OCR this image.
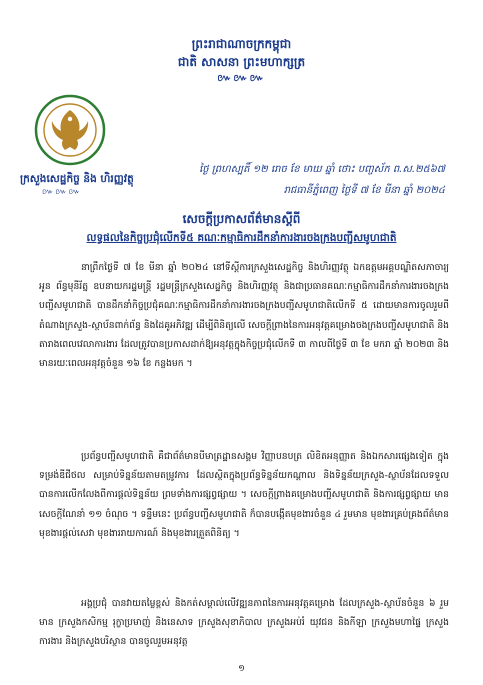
ព្រះរាជាណាចក្រកម្ពុជា
ជាតិ សាសនា ព្រះមហាក្សត្រ
៚៚៚
ក្រសួងសេដ្ឋកិច្ច និង ហិរញ្ញវត្ថុ
៚៚៚
ថ្ងៃ ព្រហស្បតិ៍ ១២ រោច ខែ មាឃ ឆ្នាំ ថោះ បញ្ចស័ក ព.ស.២៥៦៧
រាជធានីភ្នំពេញ ថ្ងៃទី ៧ ខែ មីនា ឆ្នាំ ២០២៤
សេចក្តីប្រកាសព័ត៌មានស្តីពី
លទ្ធផលនៃកិច្ចប្រជុំលើកទី៥ គណៈកម្មាធិការដឹកនាំការងារចងក្រងបញ្ជីសមូហជាតិ
នាព្រឹកថ្ងៃទី ៧ ខែ មីនា ឆ្នាំ ២០២៤ នៅទីស្តីការក្រសួងសេដ្ឋកិច្ច និងហិរញ្ញវត្ថុ ឯកឧត្តមអគ្គបណ្ឌិតសភាចារ្យ អូន ព័ន្ធមុនីរ័ត្ន ឧបនាយករដ្ឋមន្ត្រី រដ្ឋមន្ត្រីក្រសួងសេដ្ឋកិច្ច និងហិរញ្ញវត្ថុ និងជាប្រធានគណៈកម្មាធិការដឹកនាំការងារចងក្រងបញ្ជីសមូហជាតិ បានដឹកនាំកិច្ចប្រជុំគណៈកម្មាធិការដឹកនាំការងារចងក្រងបញ្ជីសមូហជាតិលើកទី ៥ ដោយមានការចូលរួមពីតំណាងក្រសួង-ស្ថាប័នពាក់ព័ន្ធ និងដៃគូអភិវឌ្ឍ ដើម្បីពិនិត្យលើ សេចក្តីព្រាងនៃការអនុវត្តគម្រោងចងក្រងបញ្ជីសមូហជាតិ និងតារាងពេលវេលាការងារ ដែលត្រូវបានប្រកាសដាក់ឱ្យអនុវត្តក្នុងកិច្ចប្រជុំលើកទី ៣ កាលពីថ្ងៃទី ៣ ខែ មករា ឆ្នាំ ២០២៣ និងមានរយៈពេលអនុវត្តចំនួន ១៦ ខែ កន្លងមក ។
ប្រព័ន្ធបញ្ជីសមូហជាតិ គឺជាព័ត៌មានបីមាត្រដ្ឋានសង្គម វិញ្ញាបនបត្រ លិខិតអនុញ្ញាត និងឯកសារផ្សេងទៀត ក្នុងទម្រង់ឌីជីថល សម្រាប់ទិន្នន័យតាមតម្រូវការ ដែលស្ថិតក្នុងប្រព័ន្ធទិន្នន័យកណ្តាល និងទិន្នន័យក្រសួង-ស្ថាប័នដែលទទួលបានការលើកលែងពីការផ្តល់ទិន្នន័យ ព្រមទាំងការផ្សព្វផ្សាយ ។ សេចក្តីព្រាងគម្រោងបញ្ជីសមូហជាតិ និងការផ្សព្វផ្សាយ មានសេចក្តីណែនាំ ១១ ចំណុច ។ ទន្ទឹមនេះ ប្រព័ន្ធបញ្ជីសមូហជាតិ ក៏បានបង្កើតមុខងារចំនួន ៤ រួមមាន មុខងារគ្រប់គ្រងព័ត៌មាន មុខងារផ្តល់សេវា មុខងាររាយការណ៍ និងមុខងារត្រួតពិនិត្យ ។
អង្គប្រជុំ បានវាយតម្លៃខ្ពស់ និងកត់សម្គាល់លើវឌ្ឍនភាពនៃការអនុវត្តគម្រោង ដែលក្រសួង-ស្ថាប័នចំនួន ៦ រួមមាន ក្រសួងកសិកម្ម រុក្ខាប្រមាញ់ និងនេសាទ ក្រសួងសុខាភិបាល ក្រសួងអប់រំ យុវជន និងកីឡា ក្រសួងមហាផ្ទៃ ក្រសួងការងារ និងក្រសួងបរិស្ថាន បានចូលរួមអនុវត្ត
១
